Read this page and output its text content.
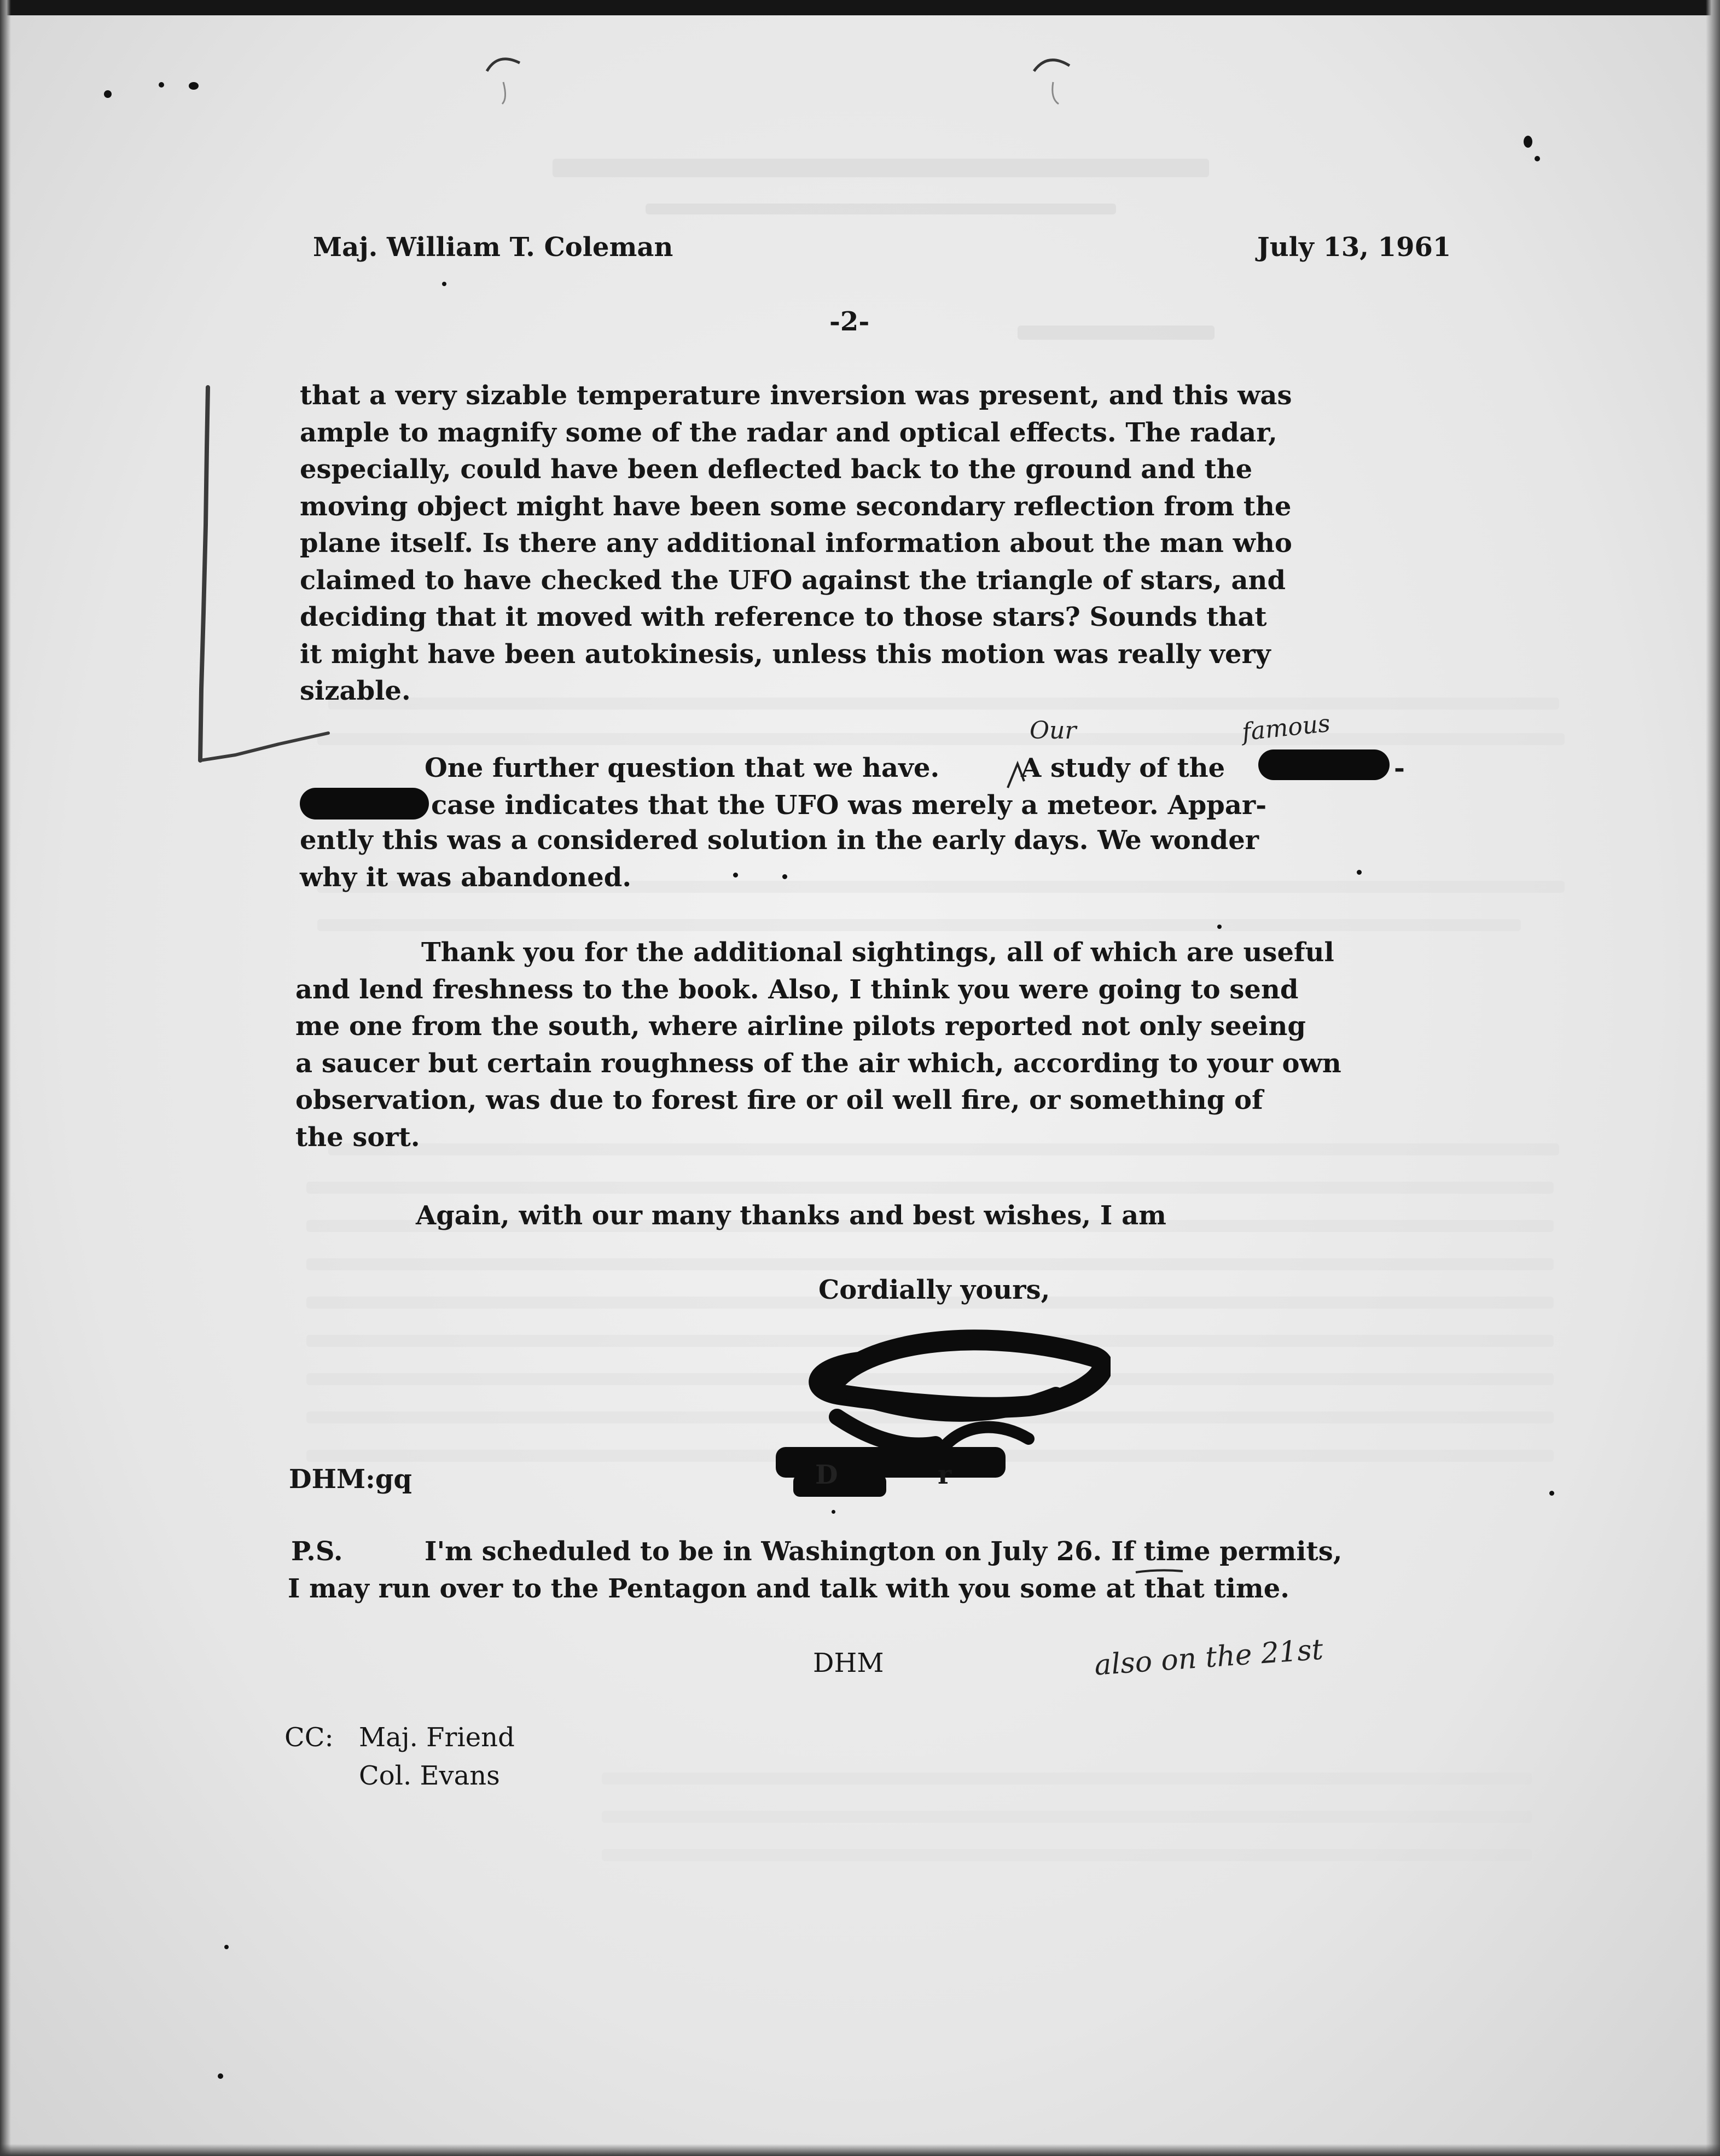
Maj. William T. Coleman	July 13, 1961
-2-
that a very sizable temperature inversion was present, and this was
ample to magnify some of the radar and optical effects. The radar,
especially, could have been deflected back to the ground and the
moving object might have been some secondary reflection from the
plane itself. Is there any additional information about the man who
claimed to have checked the UFO against the triangle of stars, and
deciding that it moved with reference to those stars? Sounds that
it might have been autokinesis, unless this motion was really very
sizable.
One further question that we have.	A study of the
Our	famous
-
case indicates that the UFO was merely a meteor. Appar-
ently this was a considered solution in the early days. We wonder
why it was abandoned.
Thank you for the additional sightings, all of which are useful
and lend freshness to the book. Also, I think you were going to send
me one from the south, where airline pilots reported not only seeing
a saucer but certain roughness of the air which, according to your own
observation, was due to forest fire or oil well fire, or something of
the sort.
Again, with our many thanks and best wishes, I am
Cordially yours,
D	r
DHM:gq
P.S.	I'm scheduled to be in Washington on July 26. If time permits,
I may run over to the Pentagon and talk with you some at that time.
DHM	also on the 21st
CC: Maj. Friend
Col. Evans
